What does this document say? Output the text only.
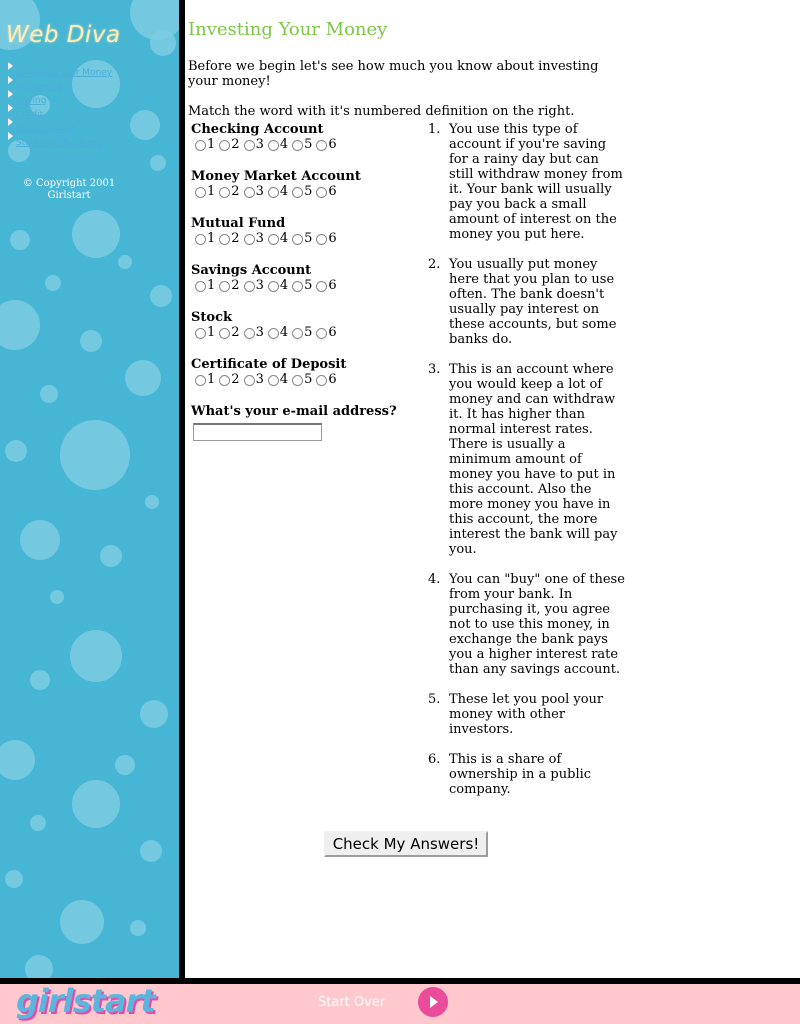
Web Diva
Investing Your Money
Budgeting
Saving
Credit
Stock Market
Start Your Business
© Copyright 2001
Girlstart
Investing Your Money

Before we begin let's see how much you know about investing your money!

Match the word with it's numbered definition on the right.

Checking Account
1 2 3 4 5 6
Money Market Account
1 2 3 4 5 6
Mutual Fund
1 2 3 4 5 6
Savings Account
1 2 3 4 5 6
Stock
1 2 3 4 5 6
Certificate of Deposit
1 2 3 4 5 6
What's your e-mail address?
1. You use this type of account if you're saving for a rainy day but can still withdraw money from it. Your bank will usually pay you back a small amount of interest on the money you put here.
2. You usually put money here that you plan to use often. The bank doesn't usually pay interest on these accounts, but some banks do.
3. This is an account where you would keep a lot of money and can withdraw it. It has higher than normal interest rates. There is usually a minimum amount of money you have to put in this account. Also the more money you have in this account, the more interest the bank will pay you.
4. You can "buy" one of these from your bank. In purchasing it, you agree not to use this money, in exchange the bank pays you a higher interest rate than any savings account.
5. These let you pool your money with other investors.
6. This is a share of ownership in a public company.
Check My Answers!
girlstart	Start Over
